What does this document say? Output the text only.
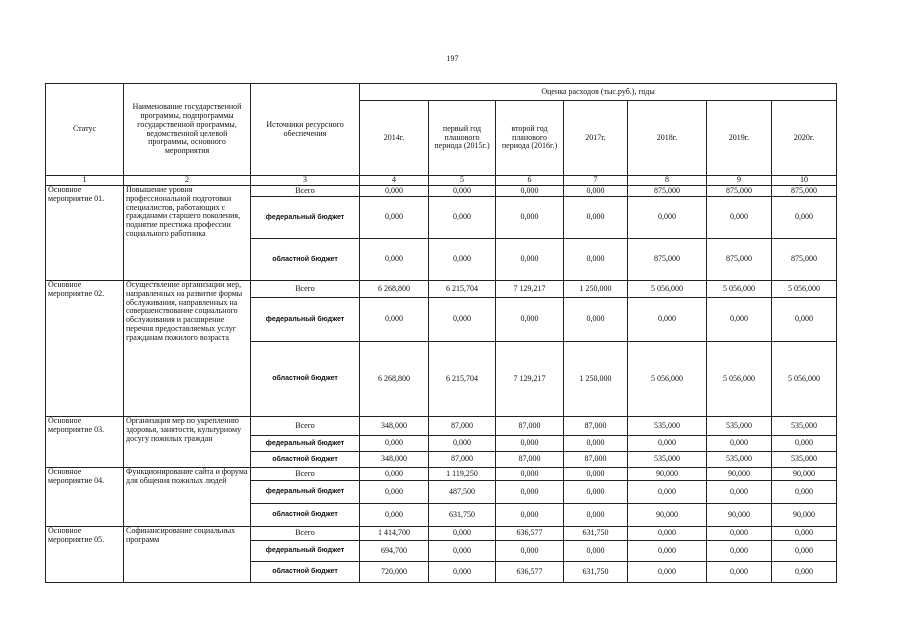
197
Статус	Наименование государственной программы, подпрограммы государственной программы, ведомственной целевой программы, основного мероприятия	Источники ресурсного обеспечения	Оценка расходов (тыс.руб.), годы						
			2014г.	первый год планового периода (2015г.)	второй год планового периода (2016г.)	2017г.	2018г.	2019г.	2020г.
1	2	3	4	5	6	7	8	9	10
Основное мероприятие 01.	Повышение уровня профессиональной подготовки специалистов, работающих с гражданами старшего поколения, поднятие престижа профессии социального работника	Всего	0,000	0,000	0,000	0,000	875,000	875,000	875,000
		федеральный бюджет	0,000	0,000	0,000	0,000	0,000	0,000	0,000
		областной бюджет	0,000	0,000	0,000	0,000	875,000	875,000	875,000
Основное мероприятие 02.	Осуществление организации мер, направленных на развитие формы обслуживания, направленных на совершенствование социального обслуживания и расширение перечня предоставляемых услуг гражданам пожилого возраста	Всего	6 268,800	6 215,704	7 129,217	1 250,000	5 056,000	5 056,000	5 056,000
		федеральный бюджет	0,000	0,000	0,000	0,000	0,000	0,000	0,000
		областной бюджет	6 268,800	6 215,704	7 129,217	1 250,000	5 056,000	5 056,000	5 056,000
Основное мероприятие 03.	Организация мер по укреплению здоровья, занятости, культурному досугу пожилых граждан	Всего	348,000	87,000	87,000	87,000	535,000	535,000	535,000
		федеральный бюджет	0,000	0,000	0,000	0,000	0,000	0,000	0,000
		областной бюджет	348,000	87,000	87,000	87,000	535,000	535,000	535,000
Основное мероприятие 04.	Функционирование сайта и форума для общения пожилых людей	Всего	0,000	1 119,250	0,000	0,000	90,000	90,000	90,000
		федеральный бюджет	0,000	487,500	0,000	0,000	0,000	0,000	0,000
		областной бюджет	0,000	631,750	0,000	0,000	90,000	90,000	90,000
Основное мероприятие 05.	Софинансирование социальных программ	Всего	1 414,700	0,000	636,577	631,750	0,000	0,000	0,000
		федеральный бюджет	694,700	0,000	0,000	0,000	0,000	0,000	0,000
		областной бюджет	720,000	0,000	636,577	631,750	0,000	0,000	0,000
